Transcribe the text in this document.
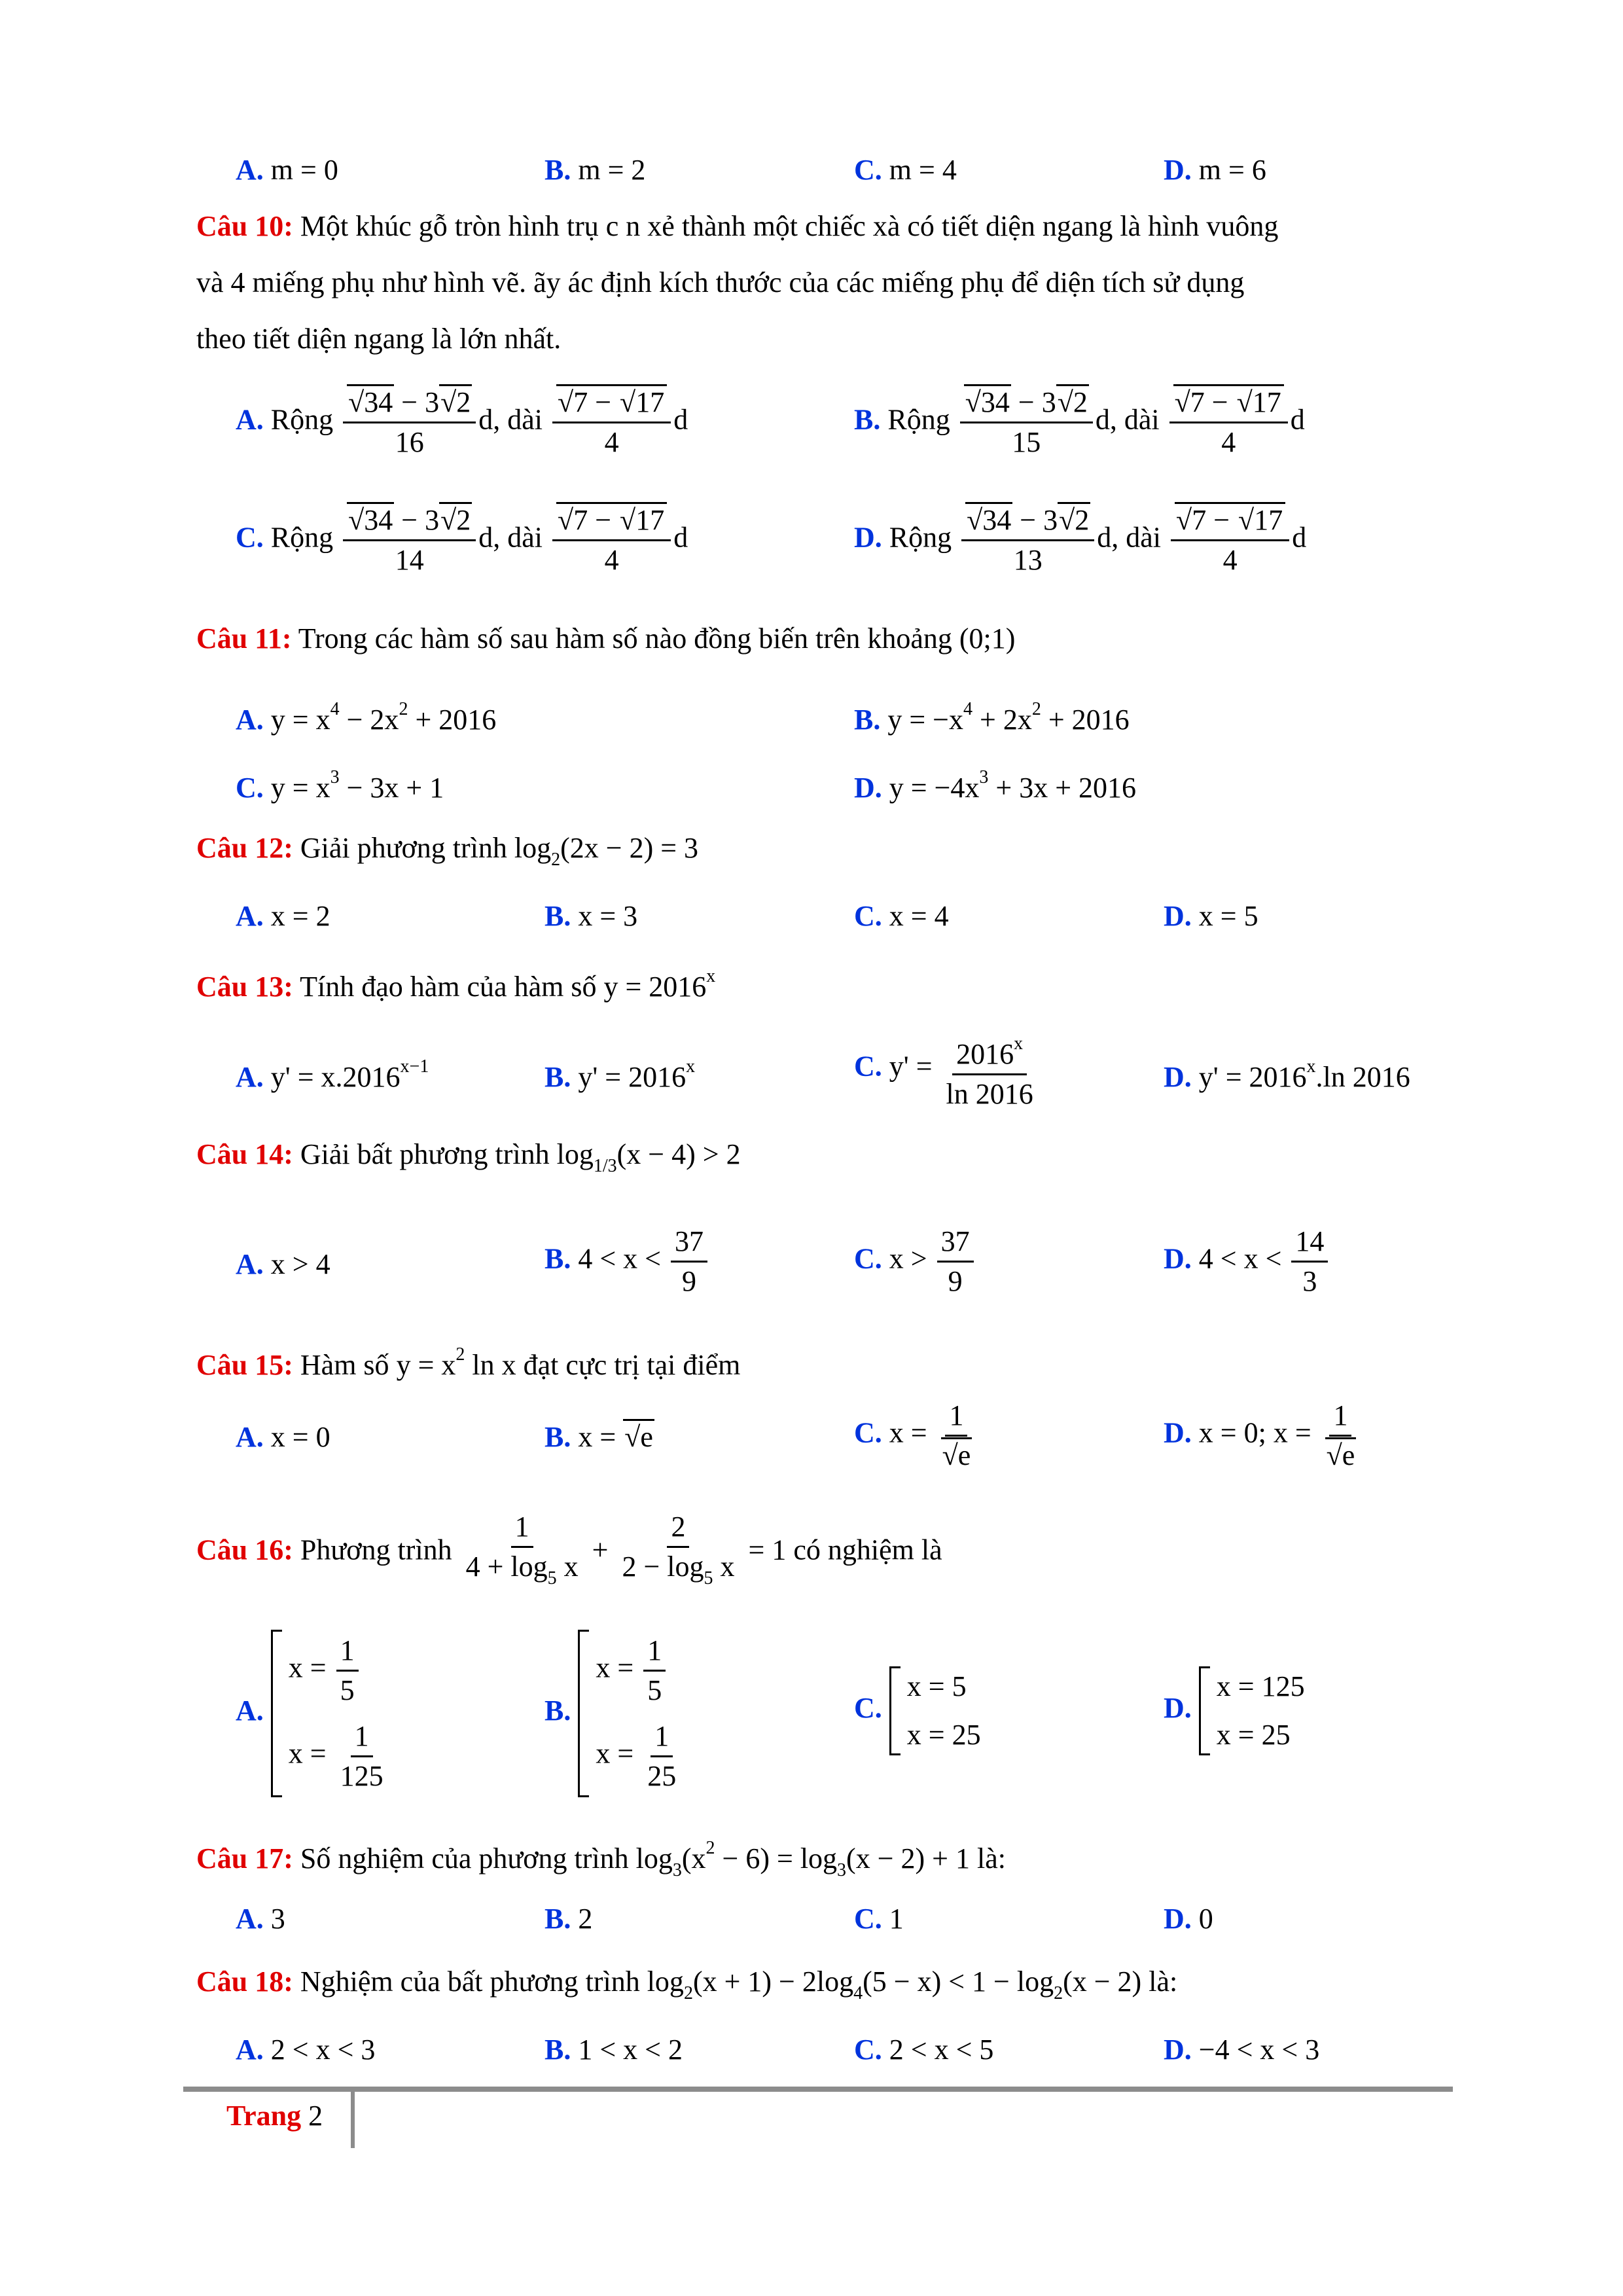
A. m = 0	B. m = 2	C. m = 4	D. m = 6
Câu 10: Một khúc gỗ tròn hình trụ c n xẻ thành một chiếc xà có tiết diện ngang là hình vuông
và 4 miếng phụ như hình vẽ. ãy ác định kích thước của các miếng phụ để diện tích sử dụng
theo tiết diện ngang là lớn nhất.
A. Rộng √ $\frac{34 - 3 √ 2}{16} d$, dài √ $\frac{7 - √ 17}{4}$ d	B. Rộng √ $\frac{34 - 3 √ 2}{15} d$, dài √ $\frac{7 - √ 17}{4}$ d
C. Rộng √ $\frac{34 - 3 √ 2}{14} d$, dài √ $\frac{7 - √ 17}{4}$ d	D. Rộng √ $\frac{34 - 3 √ 2}{13} d$, dài √ $\frac{7 - √ 17}{4}$ d
Câu 11: Trong các hàm số sau hàm số nào đồng biến trên khoảng (0;1)
A. $y = x^4 - 2x^2 + 2016$	B. $y = -x^4 + 2x^2 + 2016$
C. $y = x^3 - 3x + 1$	D. $y = -4x^3 + 3x + 2016$
Câu 12: Giải phương trình $\log_2(2x - 2) = 3$
A. x = 2	B. x = 3	C. x = 4	D. x = 5
Câu 13: Tính đạo hàm của hàm số $y = 2016^x$
A. $y' = x.2016^{x-1}$	B. $y' = 2016^x$	C. $y' = \frac{2016^x}{\ln 2016}$	D. $y' = 2016^x.\ln$ 2016
Câu 14: Giải bất phương trình $\log_{1/3}(x - 4) > 2$
A. x > 4	B. $4 < x < \frac{37}{9}$	C. $x > \frac{37}{9}$	D. $4 < x < \frac{14}{3}$
Câu 15: Hàm số $y = x^2$ ln x đạt cực trị tại điểm
A. x = 0	B. x = √ e	C. x = 1
√ e	D. x = 0; x = 1
√ e
Câu 16: Phương trình $\frac{1}{4 + \log_5 x} + \frac{2}{2 - \log_5 x} = 1$ có nghiệm là
A.
$x = \frac{1}{5}$
$x = \frac{1}{125}$
B.
$x = \frac{1}{5}$
$x = \frac{1}{25}$
C.
x = 5
x = 25
D.
x = 125
x = 25
Câu 17: Số nghiệm của phương trình $\log_3(x^2 - 6) = \log_3(x - 2) + 1$ là:
A. 3	B. 2	C. 1	D. 0
Câu 18: Nghiệm của bất phương trình $\log_2(x + 1) - 2\log_4(5 - x) < 1 - \log_2(x - 2)$ là:
A. 2 < x < 3	B. 1 < x < 2	C. 2 < x < 5	D. −4 < x < 3
Trang 2
